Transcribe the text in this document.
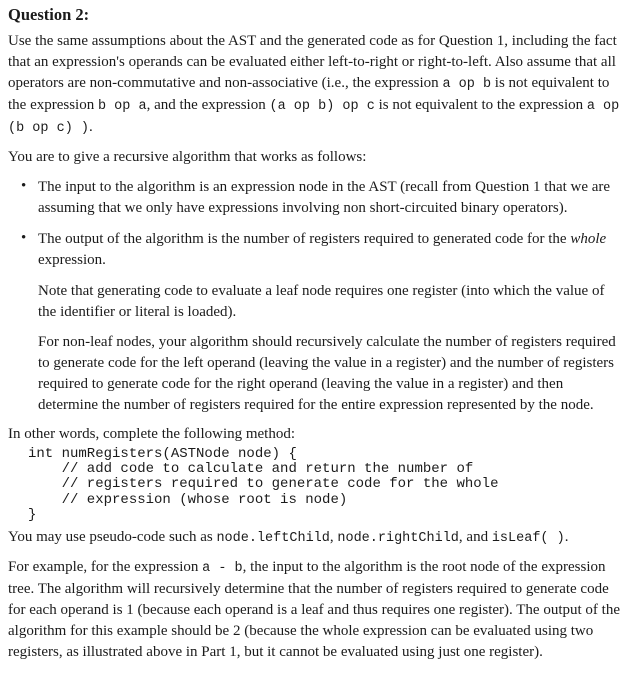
Question 2:

Use the same assumptions about the AST and the generated code as for Question 1, including the fact that an expression's operands can be evaluated either left-to-right or right-to-left. Also assume that all operators are non-commutative and non-associative (i.e., the expression a op b is not equivalent to the expression b op a, and the expression (a op b) op c is not equivalent to the expression a op (b op c) ).

You are to give a recursive algorithm that works as follows:

• The input to the algorithm is an expression node in the AST (recall from Question 1 that we are assuming that we only have expressions involving non short-circuited binary operators).
• The output of the algorithm is the number of registers required to generated code for the whole expression.

Note that generating code to evaluate a leaf node requires one register (into which the value of the identifier or literal is loaded).

For non-leaf nodes, your algorithm should recursively calculate the number of registers required to generate code for the left operand (leaving the value in a register) and the number of registers required to generate code for the right operand (leaving the value in a register) and then determine the number of registers required for the entire expression represented by the node.

In other words, complete the following method:

int numRegisters(ASTNode node) {
// add code to calculate and return the number of
// registers required to generate code for the whole
// expression (whose root is node)
}

You may use pseudo-code such as node.leftChild, node.rightChild, and isLeaf( ).

For example, for the expression a - b, the input to the algorithm is the root node of the expression tree. The algorithm will recursively determine that the number of registers required to generate code for each operand is 1 (because each operand is a leaf and thus requires one register). The output of the algorithm for this example should be 2 (because the whole expression can be evaluated using two registers, as illustrated above in Part 1, but it cannot be evaluated using just one register).
